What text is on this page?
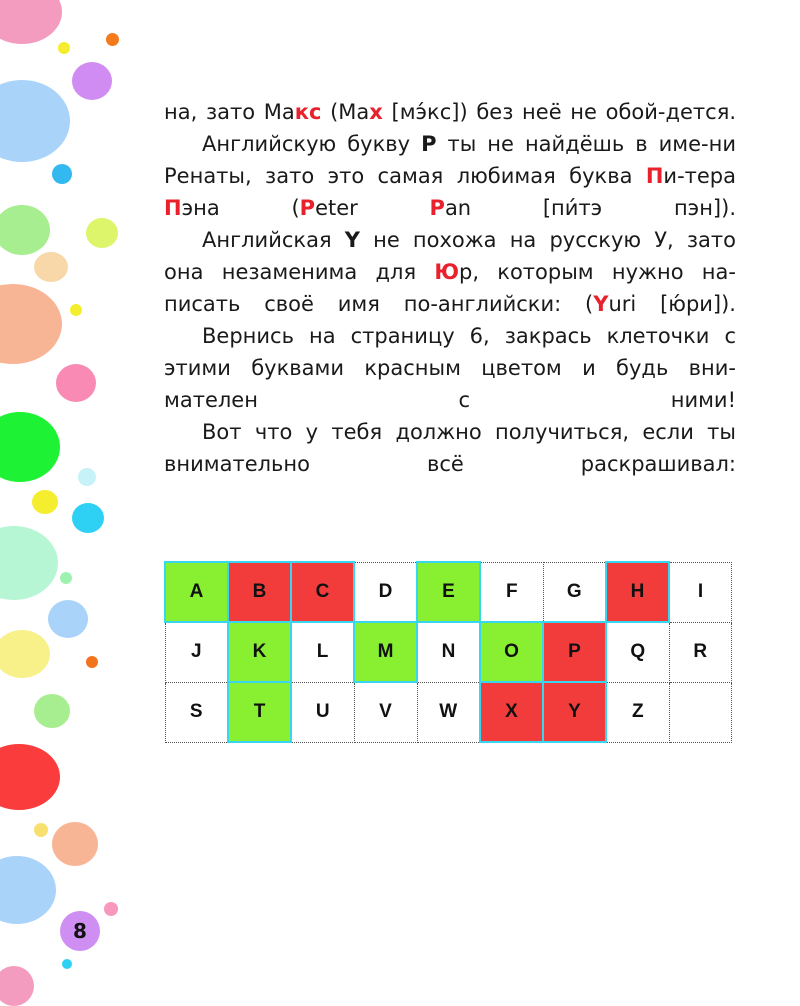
на, зато Макс (Маx [мэ́кс]) без неё не обой-дется.

Английскую букву P ты не найдёшь в име-ни Ренаты, зато это самая любимая буква Пи-тера Пэна (Peter Pan [пи́тэ пэн]).

Английская Y не похожа на русскую У, зато она незаменима для Юр, которым нужно на-писать своё имя по-английски: (Yuri [ю́ри]).

Вернись на страницу 6, закрась клеточки с этими буквами красным цветом и будь вни-мателен с ними!

Вот что у тебя должно получиться, если ты внимательно всё раскрашивал:

A	B	C	D	E	F	G	H	I
J	K	L	M	N	O	P	Q	R
S	T	U	V	W	X	Y	Z	
8
